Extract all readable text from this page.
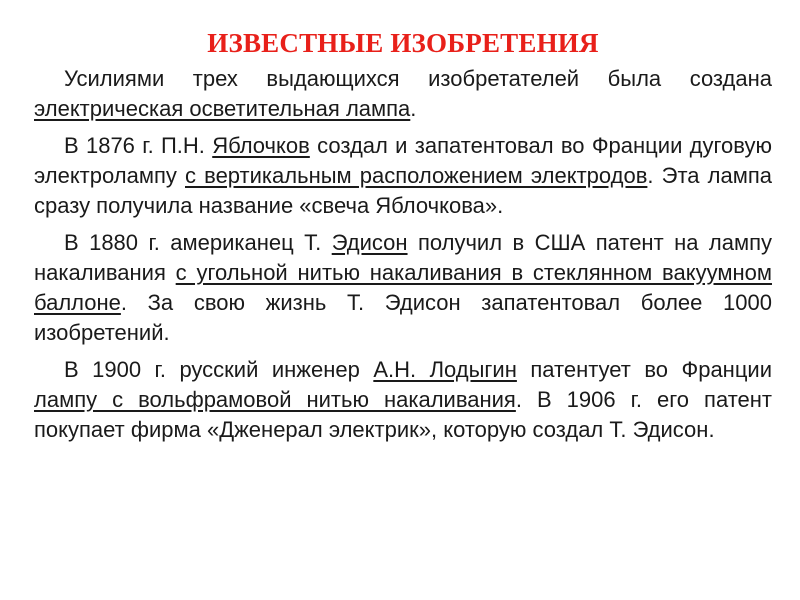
ИЗВЕСТНЫЕ ИЗОБРЕТЕНИЯ

Усилиями трех выдающихся изобретателей была создана электрическая осветительная лампа.

В 1876 г. П.Н. Яблочков создал и запатентовал во Франции дуговую электролампу с вертикальным расположением электродов. Эта лампа сразу получила название «свеча Яблочкова».

В 1880 г. американец Т. Эдисон получил в США патент на лампу накаливания с угольной нитью накаливания в стеклянном вакуумном баллоне. За свою жизнь Т. Эдисон запатентовал более 1000 изобретений.

В 1900 г. русский инженер А.Н. Лодыгин патентует во Франции лампу с вольфрамовой нитью накаливания. В 1906 г. его патент покупает фирма «Дженерал электрик», которую создал Т. Эдисон.
